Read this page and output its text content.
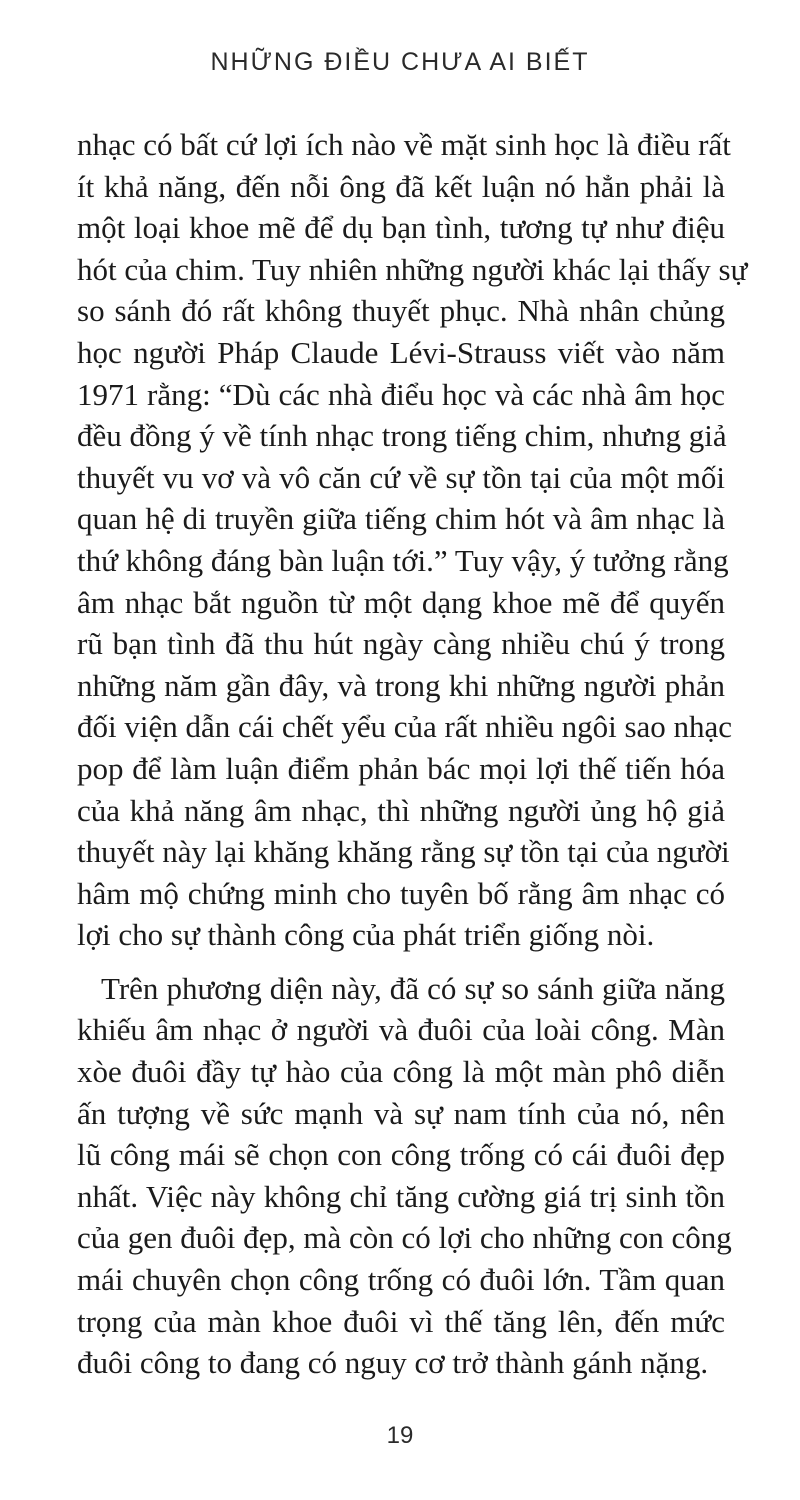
NHỮNG ĐIỀU CHƯA AI BIẾT

nhạc có bất cứ lợi ích nào về mặt sinh học là điều rất
ít khả năng, đến nỗi ông đã kết luận nó hẳn phải là
một loại khoe mẽ để dụ bạn tình, tương tự như điệu
hót của chim. Tuy nhiên những người khác lại thấy sự
so sánh đó rất không thuyết phục. Nhà nhân chủng
học người Pháp Claude Lévi-Strauss viết vào năm
1971 rằng: “Dù các nhà điểu học và các nhà âm học
đều đồng ý về tính nhạc trong tiếng chim, nhưng giả
thuyết vu vơ và vô căn cứ về sự tồn tại của một mối
quan hệ di truyền giữa tiếng chim hót và âm nhạc là
thứ không đáng bàn luận tới.” Tuy vậy, ý tưởng rằng
âm nhạc bắt nguồn từ một dạng khoe mẽ để quyến
rũ bạn tình đã thu hút ngày càng nhiều chú ý trong
những năm gần đây, và trong khi những người phản
đối viện dẫn cái chết yểu của rất nhiều ngôi sao nhạc
pop để làm luận điểm phản bác mọi lợi thế tiến hóa
của khả năng âm nhạc, thì những người ủng hộ giả
thuyết này lại khăng khăng rằng sự tồn tại của người
hâm mộ chứng minh cho tuyên bố rằng âm nhạc có
lợi cho sự thành công của phát triển giống nòi.

Trên phương diện này, đã có sự so sánh giữa năng
khiếu âm nhạc ở người và đuôi của loài công. Màn
xòe đuôi đầy tự hào của công là một màn phô diễn
ấn tượng về sức mạnh và sự nam tính của nó, nên
lũ công mái sẽ chọn con công trống có cái đuôi đẹp
nhất. Việc này không chỉ tăng cường giá trị sinh tồn
của gen đuôi đẹp, mà còn có lợi cho những con công
mái chuyên chọn công trống có đuôi lớn. Tầm quan
trọng của màn khoe đuôi vì thế tăng lên, đến mức
đuôi công to đang có nguy cơ trở thành gánh nặng.

19
